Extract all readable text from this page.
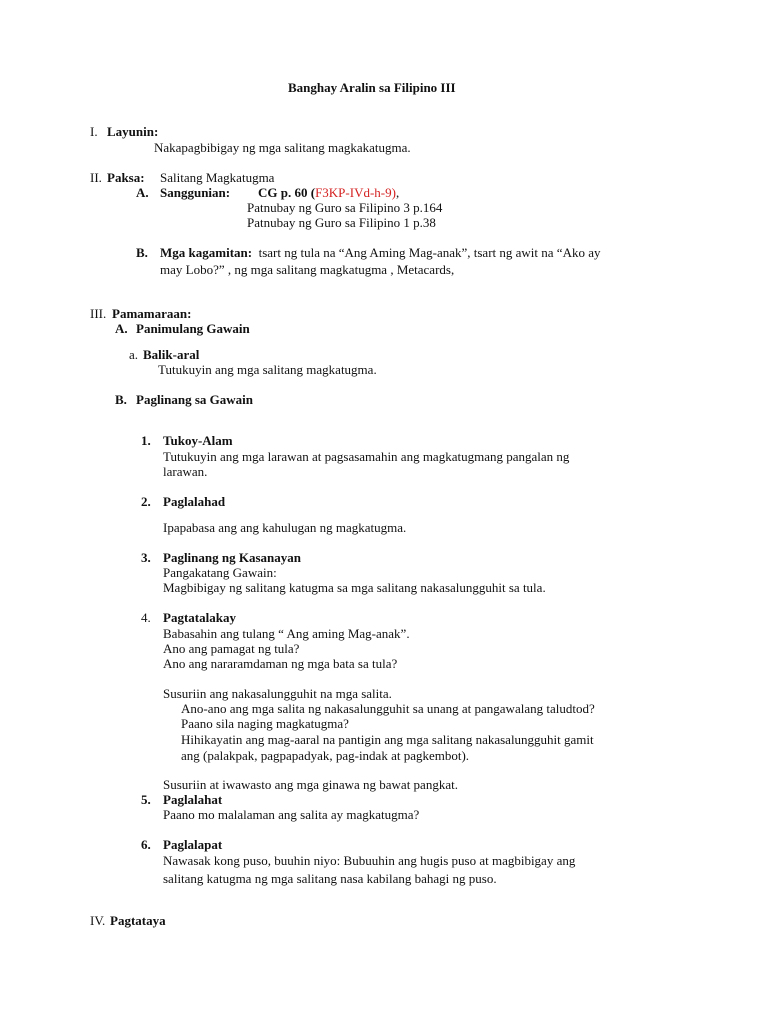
Banghay Aralin sa Filipino III
I. Layunin:
Nakapagbibigay ng mga salitang magkakatugma.
II. Paksa: Salitang Magkatugma
A. Sanggunian: CG p. 60 (F3KP-IVd-h-9),
Patnubay ng Guro sa Filipino 3 p.164
Patnubay ng Guro sa Filipino 1 p.38
B. Mga kagamitan: tsart ng tula na “Ang Aming Mag-anak”, tsart ng awit na “Ako ay
may Lobo?” , ng mga salitang magkatugma , Metacards,
III. Pamamaraan:
A. Panimulang Gawain
a. Balik-aral
Tutukuyin ang mga salitang magkatugma.
B. Paglinang sa Gawain
1. Tukoy-Alam
Tutukuyin ang mga larawan at pagsasamahin ang magkatugmang pangalan ng
larawan.
2. Paglalahad
Ipapabasa ang ang kahulugan ng magkatugma.
3. Paglinang ng Kasanayan
Pangakatang Gawain:
Magbibigay ng salitang katugma sa mga salitang nakasalungguhit sa tula.
4. Pagtatalakay
Babasahin ang tulang “ Ang aming Mag-anak”.
Ano ang pamagat ng tula?
Ano ang nararamdaman ng mga bata sa tula?
Susuriin ang nakasalungguhit na mga salita.
Ano-ano ang mga salita ng nakasalungguhit sa unang at pangawalang taludtod?
Paano sila naging magkatugma?
Hihikayatin ang mag-aaral na pantigin ang mga salitang nakasalungguhit gamit
ang (palakpak, pagpapadyak, pag-indak at pagkembot).
Susuriin at iwawasto ang mga ginawa ng bawat pangkat.
5. Paglalahat
Paano mo malalaman ang salita ay magkatugma?
6. Paglalapat
Nawasak kong puso, buuhin niyo: Bubuuhin ang hugis puso at magbibigay ang
salitang katugma ng mga salitang nasa kabilang bahagi ng puso.
IV. Pagtataya
